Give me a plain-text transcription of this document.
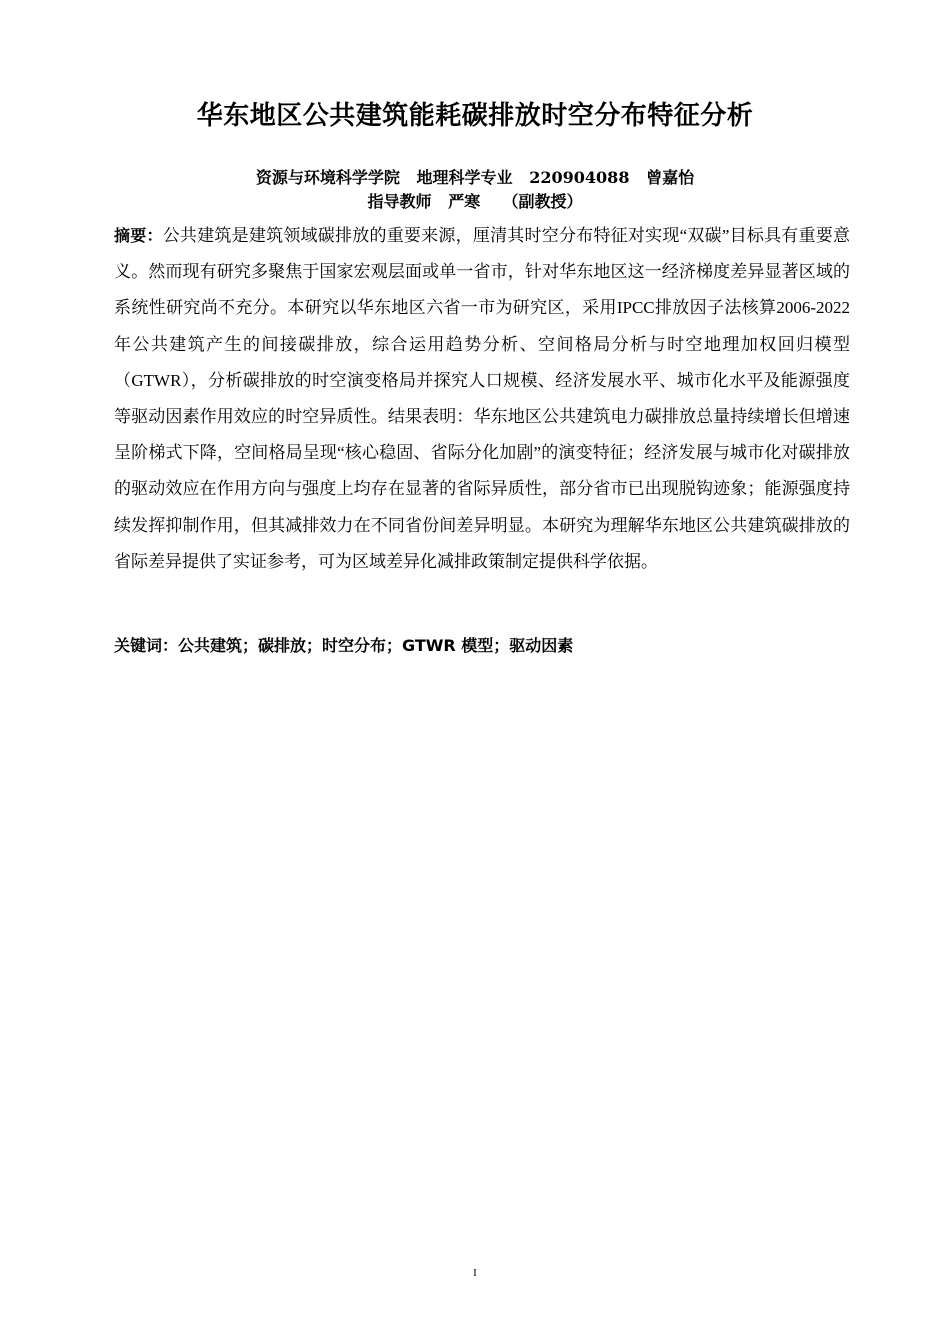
华东地区公共建筑能耗碳排放时空分布特征分析
资源与环境科学学院   地理科学专业   220904088   曾嘉怡
指导教师   严寒    （副教授）
摘要：公共建筑是建筑领域碳排放的重要来源，厘清其时空分布特征对实现“双碳”目标具有重要意义。然而现有研究多聚焦于国家宏观层面或单一省市，针对华东地区这一经济梯度差异显著区域的系统性研究尚不充分。本研究以华东地区六省一市为研究区，采用IPCC排放因子法核算2006-2022年公共建筑产生的间接碳排放，综合运用趋势分析、空间格局分析与时空地理加权回归模型（GTWR），分析碳排放的时空演变格局并探究人口规模、经济发展水平、城市化水平及能源强度等驱动因素作用效应的时空异质性。结果表明：华东地区公共建筑电力碳排放总量持续增长但增速呈阶梯式下降，空间格局呈现“核心稳固、省际分化加剧”的演变特征；经济发展与城市化对碳排放的驱动效应在作用方向与强度上均存在显著的省际异质性，部分省市已出现脱钩迹象；能源强度持续发挥抑制作用，但其减排效力在不同省份间差异明显。本研究为理解华东地区公共建筑碳排放的省际差异提供了实证参考，可为区域差异化减排政策制定提供科学依据。
关键词：公共建筑；碳排放；时空分布；GTWR 模型；驱动因素
I
